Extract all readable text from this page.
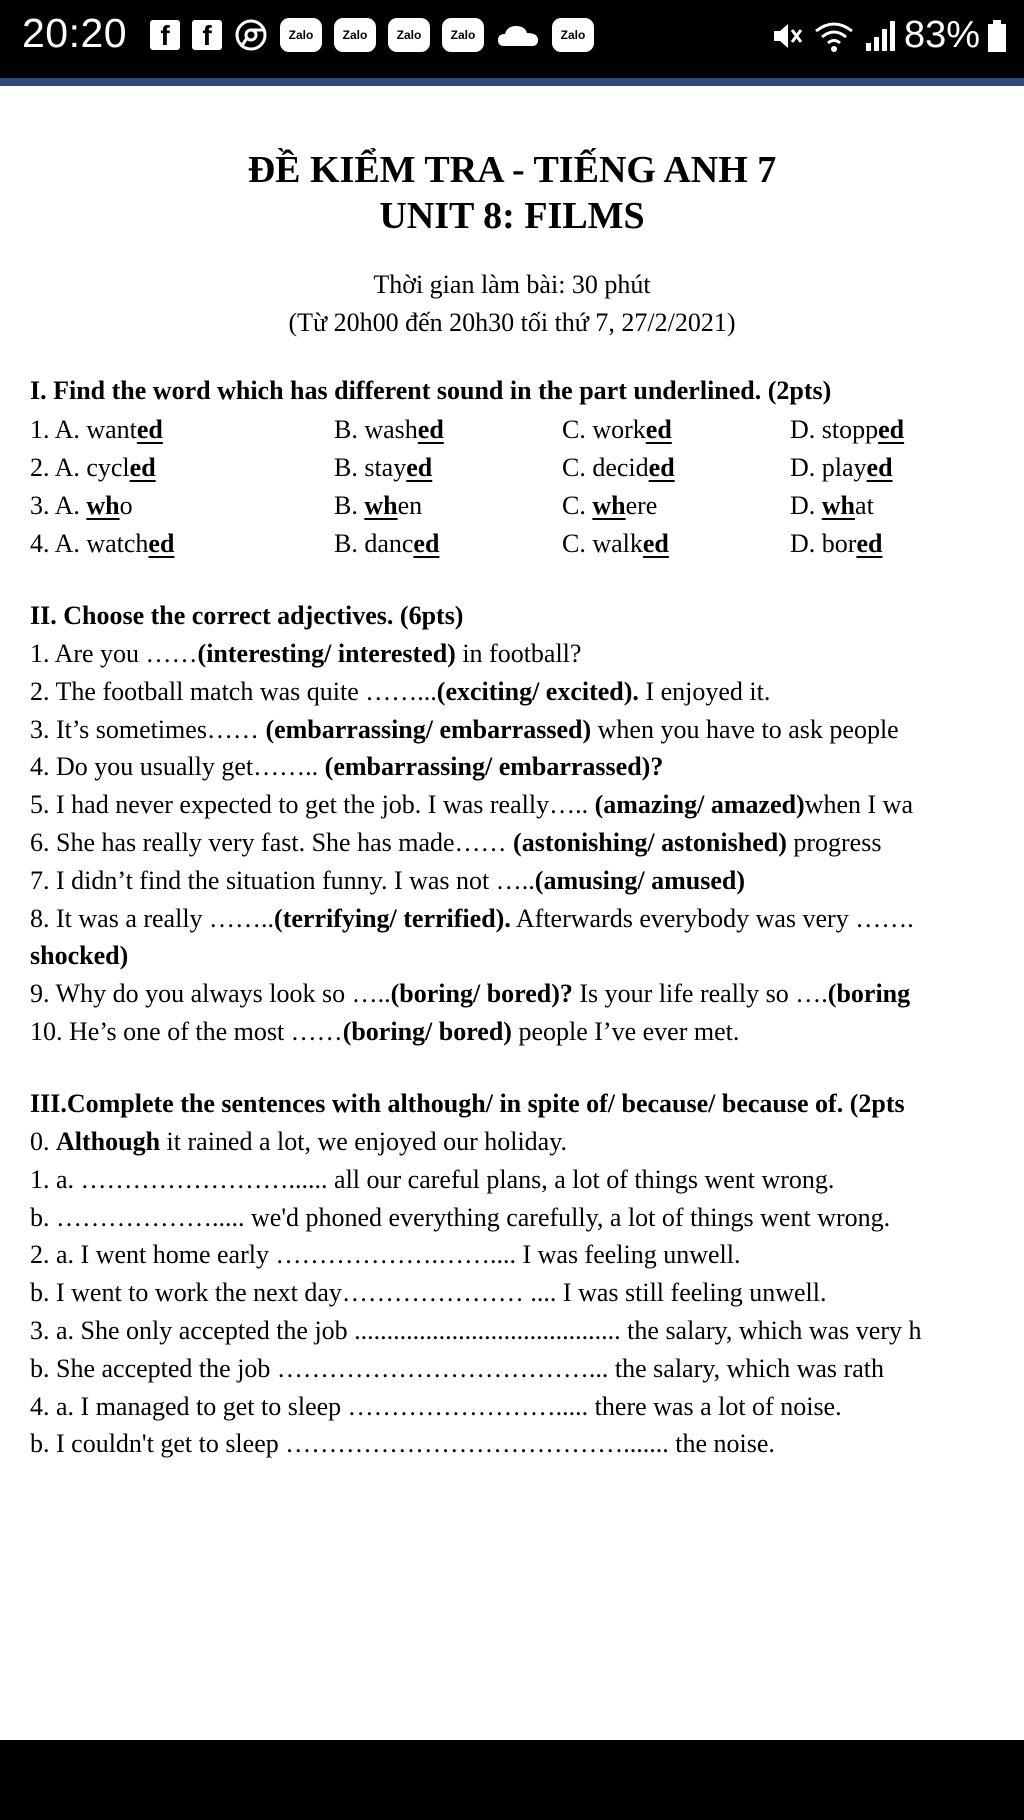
20:20	f	f	Zalo	Zalo	Zalo	Zalo	Zalo	83%
ĐỀ KIỂM TRA - TIẾNG ANH 7
UNIT 8: FILMS
Thời gian làm bài: 30 phút
(Từ 20h00 đến 20h30 tối thứ 7, 27/2/2021)
I. Find the word which has different sound in the part underlined. (2pts)
1. A. wanted	B. washed	C. worked	D. stopped
2. A. cycled	B. stayed	C. decided	D. played
3. A. who	B. when	C. where	D. what
4. A. watched	B. danced	C. walked	D. bored
II. Choose the correct adjectives. (6pts)
1. Are you ……(interesting/ interested) in football?
2. The football match was quite ……...(exciting/ excited). I enjoyed it.
3. It’s sometimes…… (embarrassing/ embarrassed) when you have to ask people
4. Do you usually get…….. (embarrassing/ embarrassed)?
5. I had never expected to get the job. I was really….. (amazing/ amazed)when I wa
6. She has really very fast. She has made…… (astonishing/ astonished) progress
7. I didn’t find the situation funny. I was not …..(amusing/ amused)
8. It was a really ……..(terrifying/ terrified). Afterwards everybody was very …….
shocked)
9. Why do you always look so …..(boring/ bored)? Is your life really so ….(boring
10. He’s one of the most ……(boring/ bored) people I’ve ever met.
III.Complete the sentences with although/ in spite of/ because/ because of. (2pts
0. Although it rained a lot, we enjoyed our holiday.
1. a. ……………………...... all our careful plans, a lot of things went wrong.
b. ………………..... we'd phoned everything carefully, a lot of things went wrong.
2. a. I went home early ……………….…….... I was feeling unwell.
b. I went to work the next day………………… .... I was still feeling unwell.
3. a. She only accepted the job ......................................... the salary, which was very h
b. She accepted the job ………………………………... the salary, which was rath
4. a. I managed to get to sleep ……………………..... there was a lot of noise.
b. I couldn't get to sleep …………………………………....... the noise.
